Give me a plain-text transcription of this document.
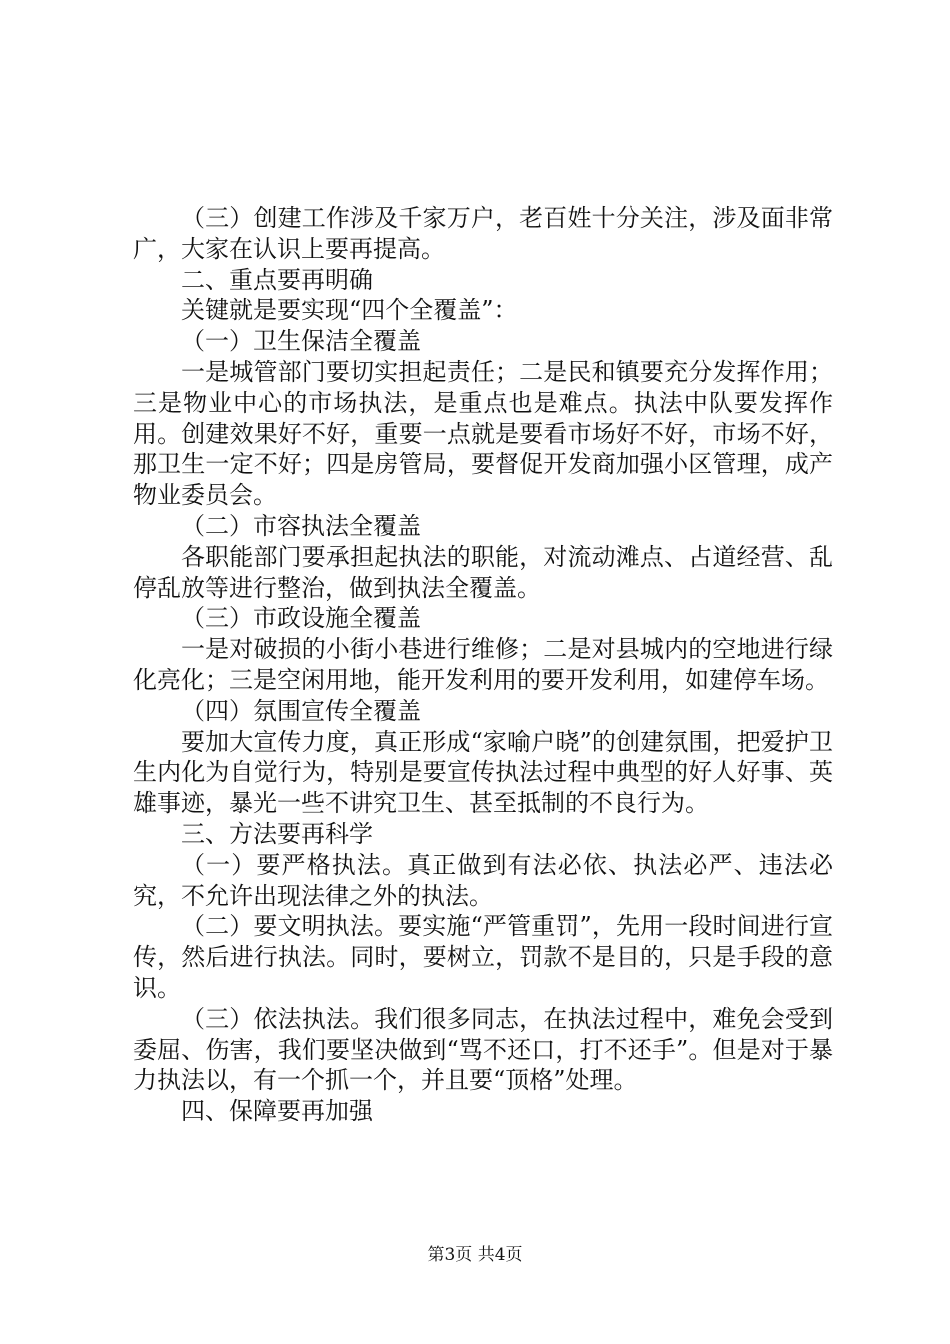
（三）创建工作涉及千家万户，老百姓十分关注，涉及面非常广，大家在认识上要再提高。

二、重点要再明确

关键就是要实现“四个全覆盖”：

（一）卫生保洁全覆盖

一是城管部门要切实担起责任；二是民和镇要充分发挥作用；三是物业中心的市场执法，是重点也是难点。执法中队要发挥作用。创建效果好不好，重要一点就是要看市场好不好，市场不好，那卫生一定不好；四是房管局，要督促开发商加强小区管理，成产物业委员会。

（二）市容执法全覆盖

各职能部门要承担起执法的职能，对流动滩点、占道经营、乱停乱放等进行整治，做到执法全覆盖。

（三）市政设施全覆盖

一是对破损的小街小巷进行维修；二是对县城内的空地进行绿化亮化；三是空闲用地，能开发利用的要开发利用，如建停车场。

（四）氛围宣传全覆盖

要加大宣传力度，真正形成“家喻户晓”的创建氛围，把爱护卫生内化为自觉行为，特别是要宣传执法过程中典型的好人好事、英雄事迹，暴光一些不讲究卫生、甚至抵制的不良行为。

三、方法要再科学

（一）要严格执法。真正做到有法必依、执法必严、违法必究，不允许出现法律之外的执法。

（二）要文明执法。要实施“严管重罚”，先用一段时间进行宣传，然后进行执法。同时，要树立，罚款不是目的，只是手段的意识。

（三）依法执法。我们很多同志，在执法过程中，难免会受到委屈、伤害，我们要坚决做到“骂不还口，打不还手”。但是对于暴力执法以，有一个抓一个，并且要“顶格”处理。

四、保障要再加强

第3页 共4页
